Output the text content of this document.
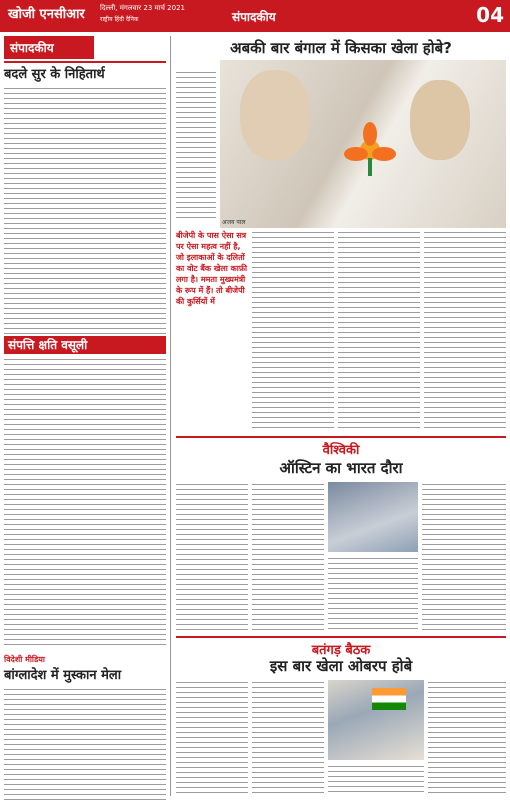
खोजी एनसीआर दिल्ली, मंगलवार 23 मार्च 2021
राष्ट्रीय हिंदी दैनिक	संपादकीय	04
संपादकीय
बदले सुर के निहितार्थ
संपत्ति क्षति वसूली
विदेशी मीडिया
बांग्लादेश में मुस्कान मेला
अबकी बार बंगाल में किसका खेला होबे?
अजय पाल
बीजेपी के पास ऐसा सत्र पर ऐसा महत्व नहीं है, जो इलाकाओं के दलितों का वोट बैंक खेला काफ़ी लगा है। ममता मुख्यमंत्री के रूप में हैं। तो बीजेपी की कुर्सियों में
वैश्विकी
ऑस्टिन का भारत दौरा
बतंगड़ बैठक
इस बार खेला ओबरप होबे
